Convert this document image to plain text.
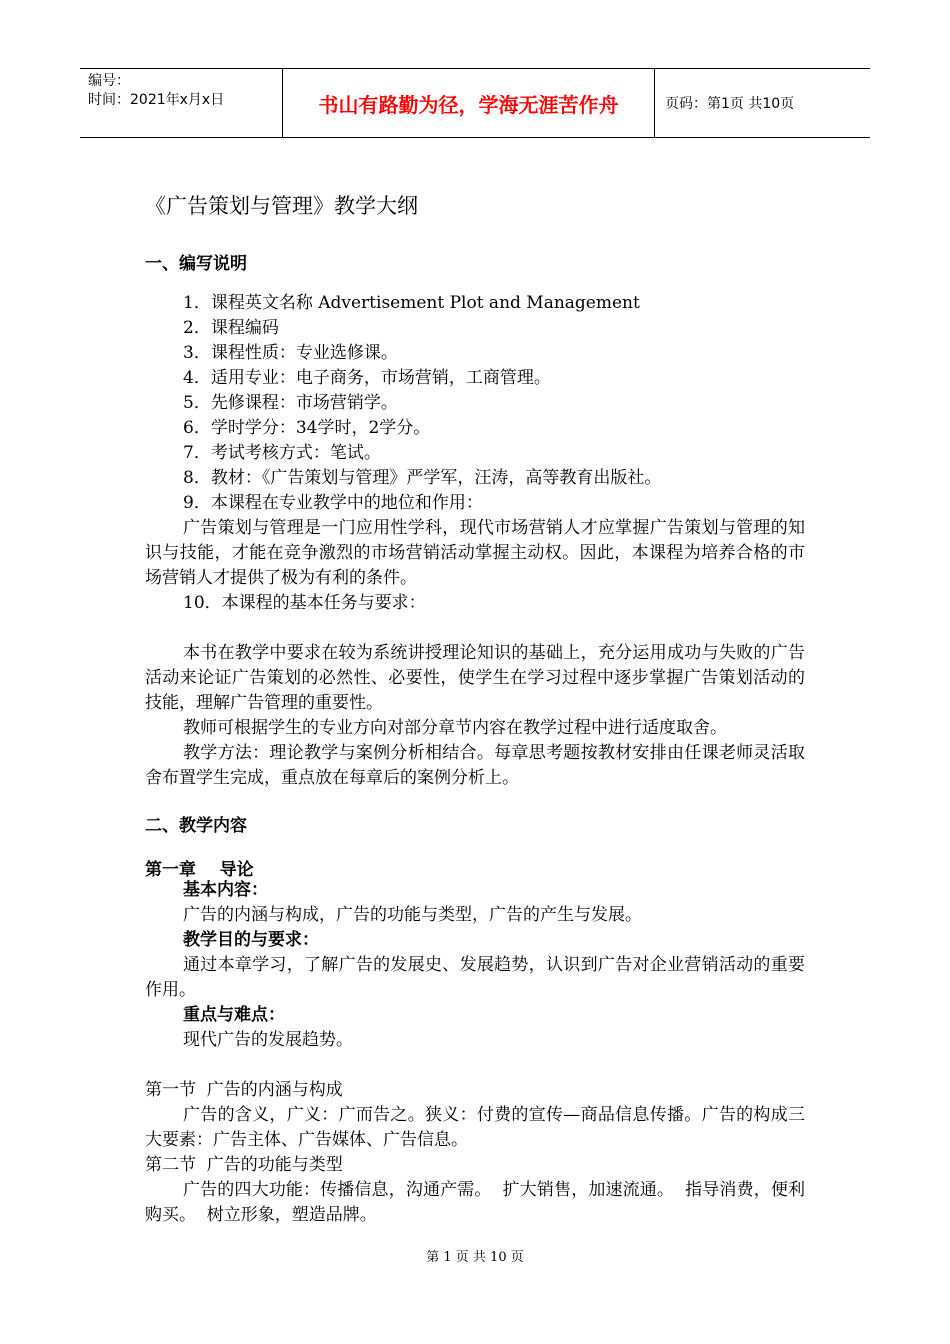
编号：
时间：2021年x月x日	书山有路勤为径，学海无涯苦作舟	页码：第1页 共10页
《广告策划与管理》教学大纲
一、编写说明
1．课程英文名称 Advertisement Plot and Management
2．课程编码
3．课程性质：专业选修课。
4．适用专业：电子商务，市场营销，工商管理。
5．先修课程：市场营销学。
6．学时学分：34学时，2学分。
7．考试考核方式：笔试。
8．教材：《广告策划与管理》严学军，汪涛，高等教育出版社。
9．本课程在专业教学中的地位和作用：

广告策划与管理是一门应用性学科，现代市场营销人才应掌握广告策划与管理的知识与技能，才能在竞争激烈的市场营销活动掌握主动权。因此，本课程为培养合格的市场营销人才提供了极为有利的条件。

10．本课程的基本任务与要求：

本书在教学中要求在较为系统讲授理论知识的基础上，充分运用成功与失败的广告活动来论证广告策划的必然性、必要性，使学生在学习过程中逐步掌握广告策划活动的技能，理解广告管理的重要性。

教师可根据学生的专业方向对部分章节内容在教学过程中进行适度取舍。

教学方法：理论教学与案例分析相结合。每章思考题按教材安排由任课老师灵活取舍布置学生完成，重点放在每章后的案例分析上。

二、教学内容
第一章    导论
基本内容：
广告的内涵与构成，广告的功能与类型，广告的产生与发展。
教学目的与要求：

通过本章学习，了解广告的发展史、发展趋势，认识到广告对企业营销活动的重要作用。

重点与难点：
现代广告的发展趋势。
第一节  广告的内涵与构成

广告的含义，广义：广而告之。狭义：付费的宣传—商品信息传播。广告的构成三大要素：广告主体、广告媒体、广告信息。

第二节  广告的功能与类型

广告的四大功能：传播信息，沟通产需。  扩大销售，加速流通。  指导消费，便利购买。  树立形象，塑造品牌。

第 1 页 共 10 页
